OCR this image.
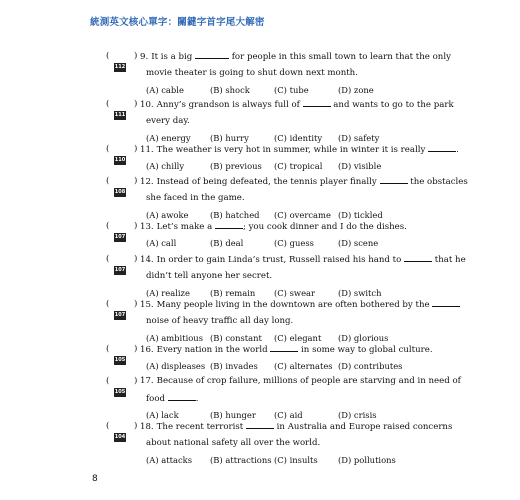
統測英文核心單字：關鍵字首字尾大解密
(	) 9. It is a big	for people in this small town to learn that the only
movie theater is going to shut down next month.
112
(A) cable	(B) shock	(C) tube	(D) zone
(	) 10. Anny’s grandson is always full of	and wants to go to the park
every day.
111
(A) energy (B) hurry	(C) identity (D) safety
(	) 11. The weather is very hot in summer, while in winter it is really	.
110
(A) chilly	(B) previous (C) tropical (D) visible
(	) 12. Instead of being defeated, the tennis player finally	the obstacles
she faced in the game.
108
(A) awoke	(B) hatched (C) overcame (D) tickled
(	) 13. Let’s make a	; you cook dinner and I do the dishes.
107
(A) call	(B) deal	(C) guess	(D) scene
(	) 14. In order to gain Linda’s trust, Russell raised his hand to	that he
didn’t tell anyone her secret.
107
(A) realize (B) remain (C) swear	(D) switch
(	) 15. Many people living in the downtown are often bothered by the
noise of heavy traffic all day long.
107
(A) ambitious (B) constant (C) elegant (D) glorious
(	) 16. Every nation in the world	in some way to global culture.
105
(A) displeases (B) invades (C) alternates (D) contributes
(	) 17. Because of crop failure, millions of people are starving and in need of
food	.
105
(A) lack	(B) hunger (C) aid	(D) crisis
(	) 18. The recent terrorist	in Australia and Europe raised concerns
about national safety all over the world.
104
(A) attacks (B) attractions (C) insults (D) pollutions
8
